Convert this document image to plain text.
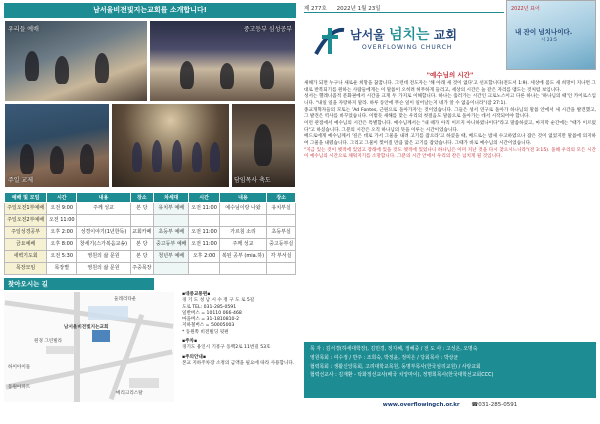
남서울비전빛지는교회를 소개합니다!
우리들 예배	중고등부 심성공부
주일 교제	담임목사 축도
예배 및 모임	시간	내용	장소	차세대	시간	내용	장소
주일오전1부예배	오전 9:00	주께 성교	본 당	유치부 예배	오전 11:00	예수님이랑 나왔	유치부실
주일오전2부예배	오전 11:00						
주일성경공부	오후 2:00	성경이야기(1년한독)	교회카페	초등부 예배	오전 11:00	가르침 소리	초등부실
금요예배	오후 8:00	창세기(스가복음교송)	본 당	중고등부 예배	오전 11:00	주께 성교	중고등부실
새벽기도회	오전 5:30	영원의 삶 문원	본 당	청년부 예배	오후 2:00	복된 공부 (mia.하)	각 부서실
목장모임	목장별	영원의 삶 문원	주중목장				
찾아오시는 길
둘레리타운
남서울비전빛지는교회
원경 그린빌라
하이아이돌
동원아파트
메리크리스탈
▪대중교통편▪
경 기 도 성 남 시 수 정 구 도 로 5길
도로 TEL: 031-285-0591
일반버스 = 10110 066-468
마을버스 = 31-1810810-2
지하철버스 = 50005003
* 동원쪽 비전빌딩 뒷편
▪주차▪
경기도 용인시 기흥구 동백2로 11번길 53호
▪주의안내▪
본교 지하주차장 소정의 금액을 필요에 따라 사용합니다.
제 277호 2022년 1월 23일
남서울 넘치는 교회
OVERFLOWING CHURCH
2022년 표어
내 잔이 넘치나이다.
시 23:5
"예수님의 시간"

새해가 되면 누구나 새로운 희망을 꿈꿉니다. 그런데 전도자는 '해 아래 새 것이 없다'고 선포합니다(전도서 1:9). 세상에 몸도 새 희망이 지나면 그대로 반복되기를 원하는 사람들에게는 이 말씀이 오히려 허무하게 들리고, 세상의 시간은 늘 같은 자리를 맴도는 것처럼 보입니다.

성서는 헬레니즘적 문화권에서 시간을 크게 두 가지로 이해합니다. 하나는 흘러가는 시간인 크로노스이고 다른 하나는 '하나님의 때'인 카이로스입니다. "내일 일을 자랑하지 말라. 하루 동안에 무슨 일이 일어날는지 네가 알 수 없음이니라"(잠 27:1).

종교개혁자들의 모토는 'Ad Fontes, 근원으로 돌아가자'는 것이었습니다. 그들은 성서 연구로 돌아가 하나님의 말씀 안에서 새 시간을 발견했고, 그 발견은 역사를 바꾸었습니다. 이렇듯 새해를 맞는 우리의 첫걸음도 말씀으로 돌아가는 데서 시작되어야 합니다.

이런 관점에서 예수님의 시간은 특별합니다. 예수님께서는 "내 때가 아직 이르지 아니하였나이다"라고 말씀하셨고, 마지막 순간에는 "때가 이르렀다"고 하셨습니다. 그분의 시간은 오직 하나님의 뜻을 이루는 시간이었습니다.

베드로에게 예수님께서 '깊은 데로 가서 그물을 내려 고기를 잡으라'고 하셨을 때, 베드로는 밤새 수고하였으나 잡은 것이 없었지만 말씀에 의지하여 그물을 내렸습니다. 그리고 그물이 찢어질 만큼 많은 고기를 잡았습니다. 그때가 바로 예수님의 시간이었습니다.

"지금 있는 것이 옛적에 있었고 장래에 있을 것도 옛적에 있었나니 하나님은 이미 지난 것을 다시 찾으시느니라"(전 3:15). 올해 우리의 모든 시간이 예수님의 시간으로 채워지기를 소망합니다. 그분의 시간 안에서 우리의 잔은 넘치게 될 것입니다.

목 자 : 김서경(하세대학장), 김민경, 정지혜, 정혜중 / 전 도 사 : 고성은, 오명숙
영원목회 : 여수정 / 반주 : 조희숙, 박정윤, 정미은 / 당회목사 : 박상균
협력목회 : 생활신앙목회, 고려대학교목원, 동명부목사(한국심리교원) / 사랑교회
협력선교사 : 김재환 - 탁화정선교사(배국 치앙마이), 정명희목사(한국대학선교회CCC)
www.overflowingch.or.kr ☎031-285-0591
